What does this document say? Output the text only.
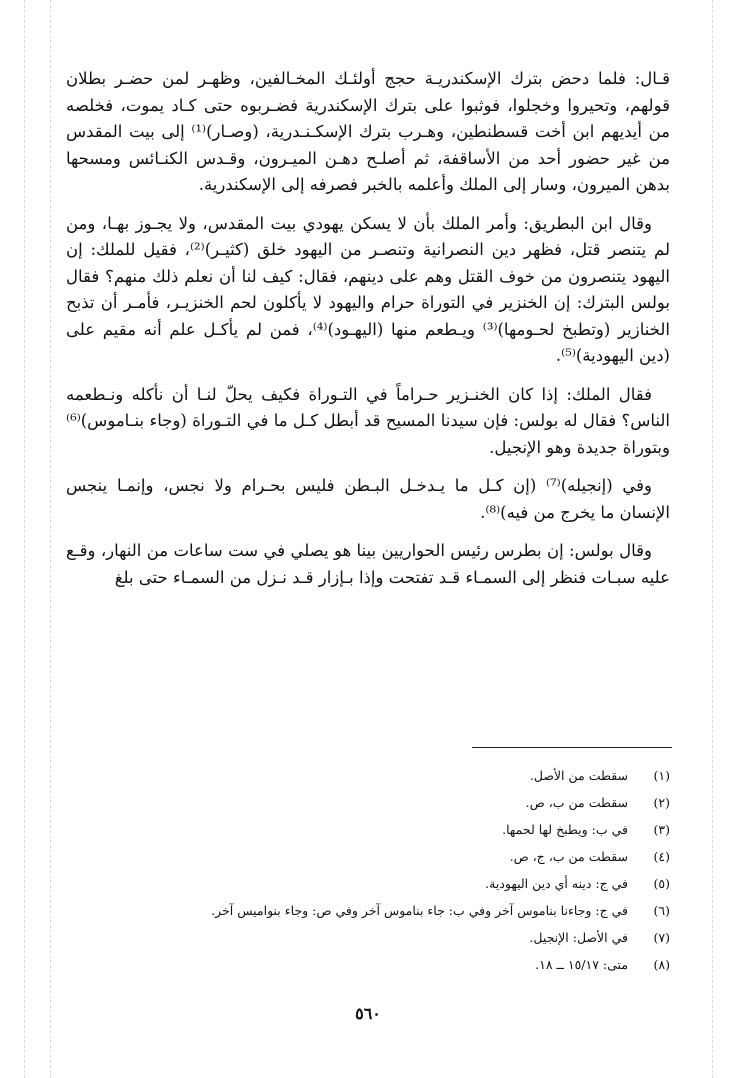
قـال: فلما دحض بترك الإسكندريـة حجج أولئـك المخـالفين، وظهـر لمن حضـر بطلان قولهم، وتحيروا وخجلوا، فوثبوا على بترك الإسكندرية فضـربوه حتى كـاد يموت، فخلصه من أيديهم ابن أخت قسطنطين، وهـرب بترك الإسكـنـدرية، (وصـار)⁽¹⁾ إلى بيت المقدس من غير حضور أحد من الأساقفة، ثم أصلـح دهـن الميـرون، وقـدس الكنـائس ومسحها بدهن الميرون، وسار إلى الملك وأعلمه بالخبر فصرفه إلى الإسكندرية.

وقال ابن البطريق: وأمر الملك بأن لا يسكن يهودي بيت المقدس، ولا يجـوز بهـا، ومن لم يتنصر قتل، فظهر دين النصرانية وتنصـر من اليهود خلق (كثيـر)⁽²⁾، فقيل للملك: إن اليهود يتنصرون من خوف القتل وهم على دينهم، فقال: كيف لنا أن نعلم ذلك منهم؟ فقال بولس البترك: إن الخنزير في التوراة حرام واليهود لا يأكلون لحم الخنزيـر، فأمـر أن تذبح الخنازير (وتطبخ لحـومها)⁽³⁾ ويـطعم منها (اليهـود)⁽⁴⁾، فمن لم يأكـل علم أنه مقيم على (دين اليهودية)⁽⁵⁾.

فقال الملك: إذا كان الخنـزير حـراماً في التـوراة فكيف يحلّ لنـا أن نأكله ونـطعمه الناس؟ فقال له بولس: فإن سيدنا المسيح قد أبطل كـل ما في التـوراة (وجاء بنـاموس)⁽⁶⁾ وبتوراة جديدة وهو الإنجيل.

وفي (إنجيله)⁽⁷⁾ (إن كـل ما يـدخـل البـطن فليس بحـرام ولا نجس، وإنمـا ينجس الإنسان ما يخرج من فيه)⁽⁸⁾.

وقال بولس: إن بطرس رئيس الحواريين بينا هو يصلي في ست ساعات من النهار، وقـع عليه سبـات فنظر إلى السمـاء قـد تفتحت وإذا بـإزار قـد نـزل من السمـاء حتى بلغ

(١) سقطت من الأصل.
(٢) سقطت من ب، ص.
(٣) في ب: ويطبخ لها لحمها.
(٤) سقطت من ب، ج، ص.
(٥) في ج: دينه أي دين اليهودية.
(٦) في ج: وجاءنا بناموس آخر وفي ب: جاء بناموس آخر وفي ص: وجاء بنواميس آخر.
(٧) في الأصل: الإنجيل.
(٨) متى: ١٥/١٧ ــ ١٨.
٥٦٠
